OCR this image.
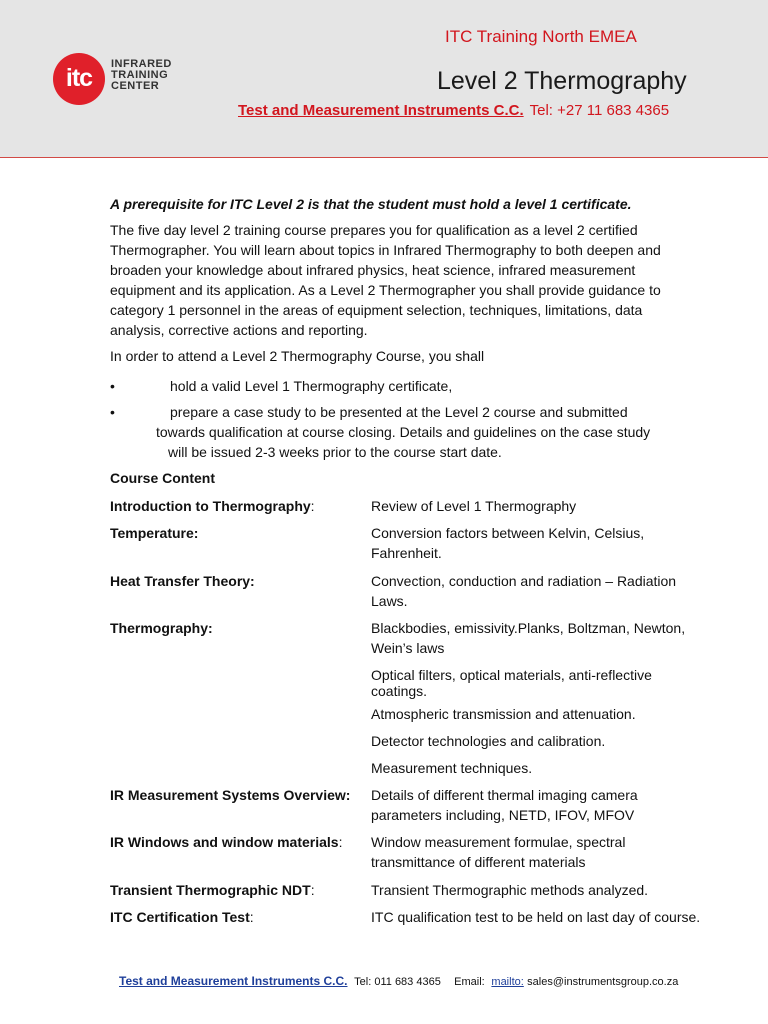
itc	INFRARED
TRAINING
CENTER
ITC Training North EMEA
Level 2 Thermography
Test and Measurement Instruments C.C. Tel: +27 11 683 4365
A prerequisite for ITC Level 2 is that the student must hold a level 1 certificate.
The five day level 2 training course prepares you for qualification as a level 2 certified Thermographer. You will learn about topics in Infrared Thermography to both deepen and broaden your knowledge about infrared physics, heat science, infrared measurement equipment and its application. As a Level 2 Thermographer you shall provide guidance to category 1 personnel in the areas of equipment selection, techniques, limitations, data analysis, corrective actions and reporting.
In order to attend a Level 2 Thermography Course, you shall
•	hold a valid Level 1 Thermography certificate,
•	prepare a case study to be presented at the Level 2 course and submitted
towards qualification at course closing. Details and guidelines on the case study
will be issued 2-3 weeks prior to the course start date.
Course Content
Introduction to Thermography:	Review of Level 1 Thermography
Temperature:	Conversion factors between Kelvin, Celsius, Fahrenheit.
Heat Transfer Theory:	Convection, conduction and radiation – Radiation Laws.
Thermography:	Blackbodies, emissivity.Planks, Boltzman, Newton, Wein’s laws
Optical filters, optical materials, anti-reflective coatings.
Atmospheric transmission and attenuation.
Detector technologies and calibration.
Measurement techniques.
IR Measurement Systems Overview: Details of different thermal imaging camera parameters including, NETD, IFOV, MFOV
IR Windows and window materials: Window measurement formulae, spectral transmittance of different materials
Transient Thermographic NDT:	Transient Thermographic methods analyzed.
ITC Certification Test:	ITC qualification test to be held on last day of course.
Test and Measurement Instruments C.C. Tel: 011 683 4365 Email: mailto: sales@instrumentsgroup.co.za
